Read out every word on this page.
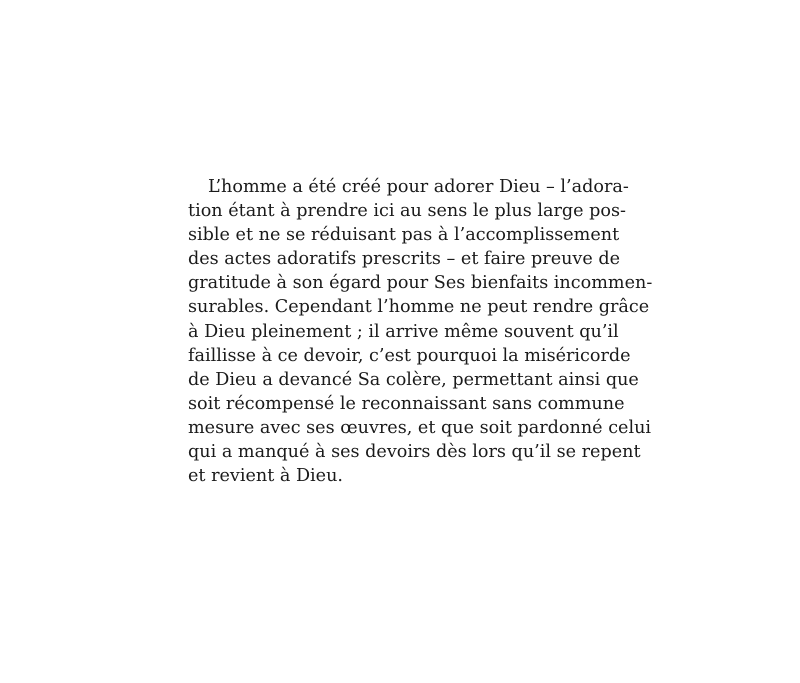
L’homme a été créé pour adorer Dieu – l’adora-
tion étant à prendre ici au sens le plus large pos-
sible et ne se réduisant pas à l’accomplissement
des actes adoratifs prescrits – et faire preuve de
gratitude à son égard pour Ses bienfaits incommen-
surables. Cependant l’homme ne peut rendre grâce
à Dieu pleinement ; il arrive même souvent qu’il
faillisse à ce devoir, c’est pourquoi la miséricorde
de Dieu a devancé Sa colère, permettant ainsi que
soit récompensé le reconnaissant sans commune
mesure avec ses œuvres, et que soit pardonné celui
qui a manqué à ses devoirs dès lors qu’il se repent
et revient à Dieu.
